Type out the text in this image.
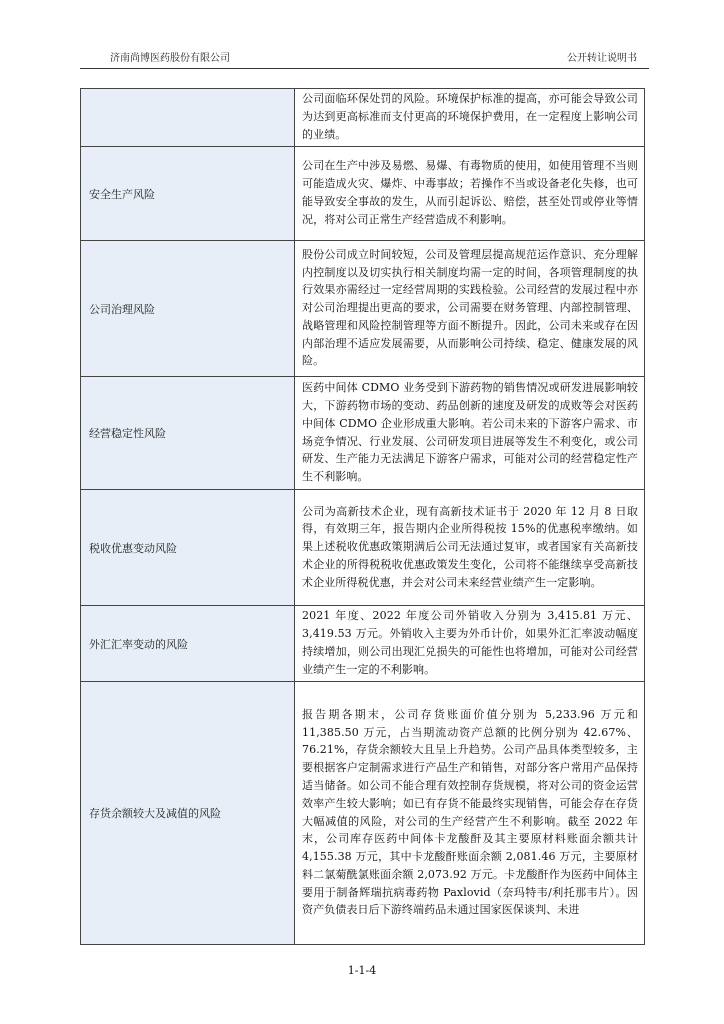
济南尚博医药股份有限公司	公开转让说明书
	公司面临环保处罚的风险。环境保护标准的提高，亦可能会导致公司为达到更高标准而支付更高的环境保护费用，在一定程度上影响公司的业绩。
安全生产风险	公司在生产中涉及易燃、易爆、有毒物质的使用，如使用管理不当则可能造成火灾、爆炸、中毒事故；若操作不当或设备老化失修，也可能导致安全事故的发生，从而引起诉讼、赔偿，甚至处罚或停业等情况，将对公司正常生产经营造成不利影响。
公司治理风险	股份公司成立时间较短，公司及管理层提高规范运作意识、充分理解内控制度以及切实执行相关制度均需一定的时间，各项管理制度的执行效果亦需经过一定经营周期的实践检验。公司经营的发展过程中亦对公司治理提出更高的要求，公司需要在财务管理、内部控制管理、战略管理和风险控制管理等方面不断提升。因此，公司未来或存在因内部治理不适应发展需要，从而影响公司持续、稳定、健康发展的风险。
经营稳定性风险	医药中间体 CDMO 业务受到下游药物的销售情况或研发进展影响较大，下游药物市场的变动、药品创新的速度及研发的成败等会对医药中间体 CDMO 企业形成重大影响。若公司未来的下游客户需求、市场竞争情况、行业发展、公司研发项目进展等发生不利变化，或公司研发、生产能力无法满足下游客户需求，可能对公司的经营稳定性产生不利影响。
税收优惠变动风险	公司为高新技术企业，现有高新技术证书于 2020 年 12 月 8 日取得，有效期三年，报告期内企业所得税按 15%的优惠税率缴纳。如果上述税收优惠政策期满后公司无法通过复审，或者国家有关高新技术企业的所得税税收优惠政策发生变化，公司将不能继续享受高新技术企业所得税优惠，并会对公司未来经营业绩产生一定影响。
外汇汇率变动的风险	2021 年度、2022 年度公司外销收入分别为 3,415.81 万元、3,419.53 万元。外销收入主要为外币计价，如果外汇汇率波动幅度持续增加，则公司出现汇兑损失的可能性也将增加，可能对公司经营业绩产生一定的不利影响。
存货余额较大及减值的风险	报告期各期末，公司存货账面价值分别为 5,233.96 万元和 11,385.50 万元，占当期流动资产总额的比例分别为 42.67%、76.21%，存货余额较大且呈上升趋势。公司产品具体类型较多，主要根据客户定制需求进行产品生产和销售，对部分客户常用产品保持适当储备。如公司不能合理有效控制存货规模，将对公司的资金运营效率产生较大影响；如已有存货不能最终实现销售，可能会存在存货大幅减值的风险，对公司的生产经营产生不利影响。截至 2022 年末，公司库存医药中间体卡龙酸酐及其主要原材料账面余额共计 4,155.38 万元，其中卡龙酸酐账面余额 2,081.46 万元，主要原材料二氯菊酰氯账面余额 2,073.92 万元。卡龙酸酐作为医药中间体主要用于制备辉瑞抗病毒药物 Paxlovid（奈玛特韦/利托那韦片）。因资产负债表日后下游终端药品未通过国家医保谈判、未进
1-1-4
